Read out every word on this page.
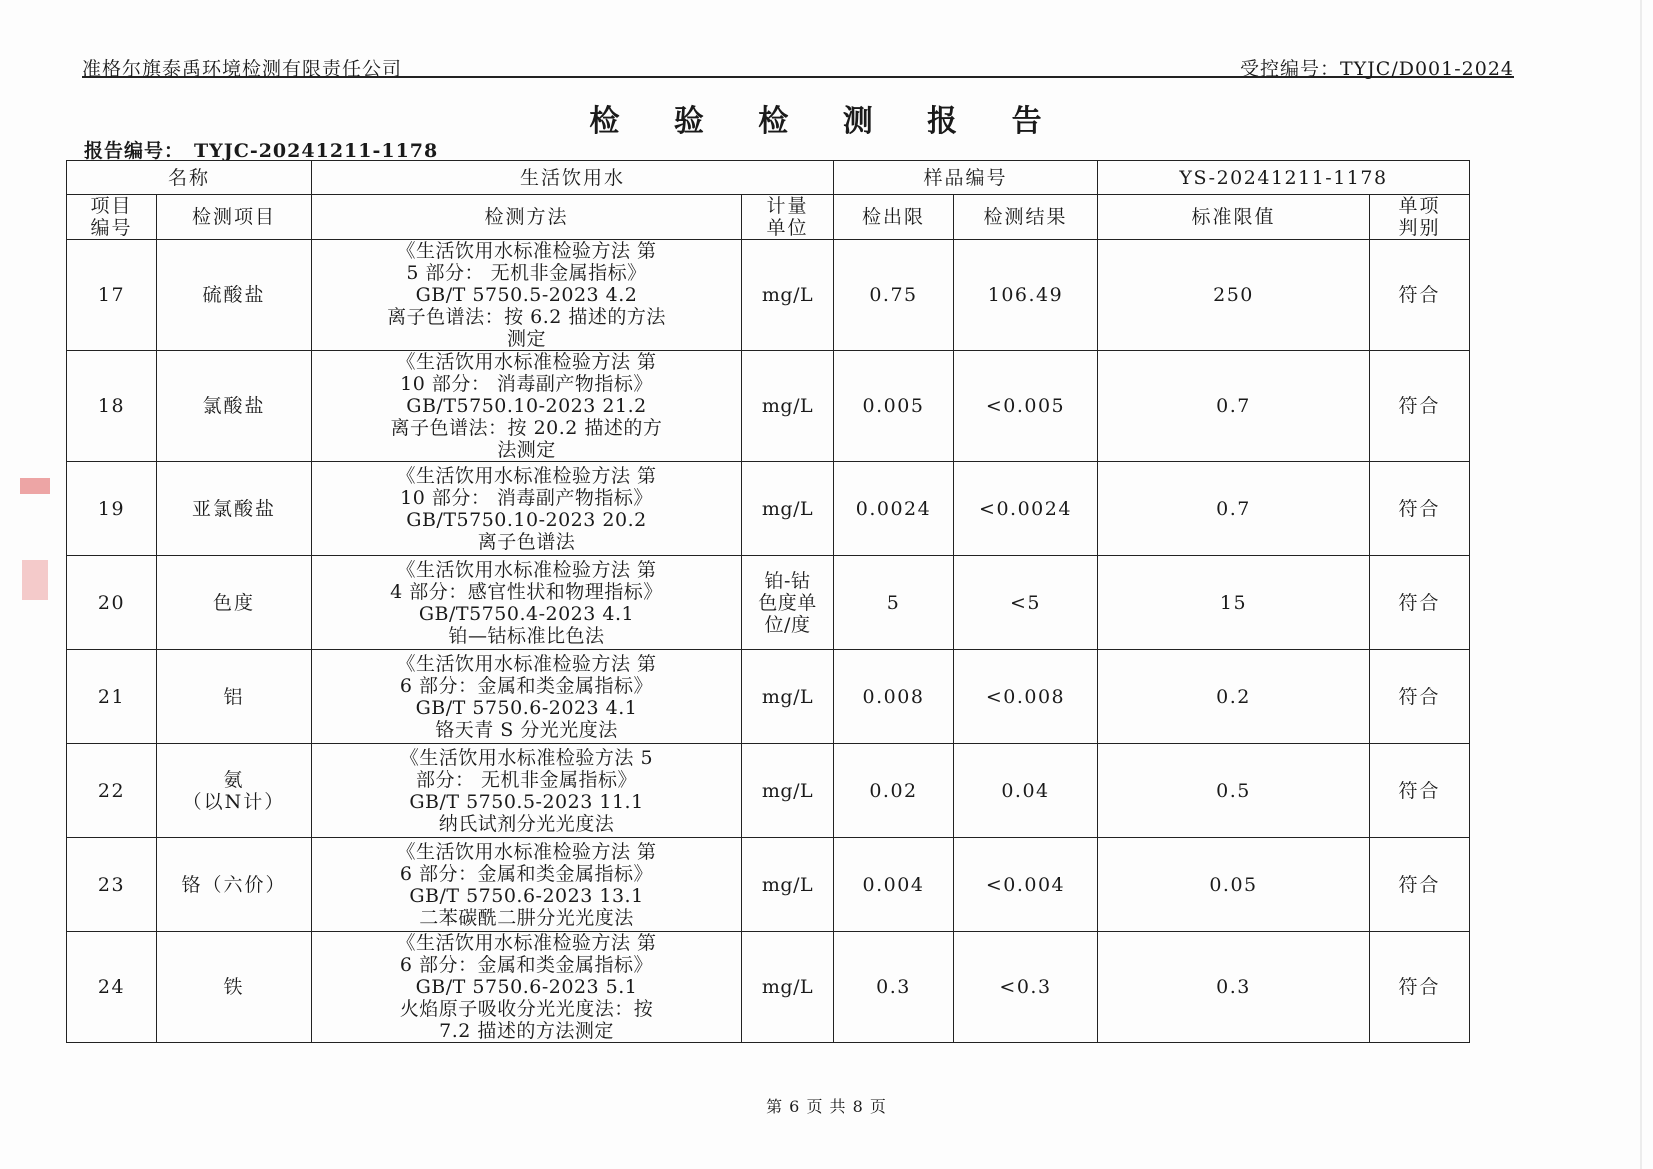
准格尔旗泰禹环境检测有限责任公司	受控编号：TYJC/D001-2024
检 验 检 测 报 告
报告编号： TYJC-20241211-1178
名称		生活饮用水		样品编号		YS-20241211-1178	
项目
编号	检测项目	检测方法	计量
单位	检出限	检测结果	标准限值	单项
判别
17	硫酸盐	《生活饮用水标准检验方法 第
5 部分： 无机非金属指标》
GB/T 5750.5-2023 4.2
离子色谱法：按 6.2 描述的方法
测定	mg/L	0.75	106.49	250	符合
18	氯酸盐	《生活饮用水标准检验方法 第
10 部分： 消毒副产物指标》
GB/T5750.10-2023 21.2
离子色谱法：按 20.2 描述的方
法测定	mg/L	0.005	<0.005	0.7	符合
19	亚氯酸盐	《生活饮用水标准检验方法 第
10 部分： 消毒副产物指标》
GB/T5750.10-2023 20.2
离子色谱法	mg/L	0.0024	<0.0024	0.7	符合
20	色度	《生活饮用水标准检验方法 第
4 部分：感官性状和物理指标》
GB/T5750.4-2023 4.1
铂—钴标准比色法	铂-钴
色度单
位/度	5	<5	15	符合
21	铝	《生活饮用水标准检验方法 第
6 部分：金属和类金属指标》
GB/T 5750.6-2023 4.1
铬天青 S 分光光度法	mg/L	0.008	<0.008	0.2	符合
22	氨
（以N计）	《生活饮用水标准检验方法 5
部分： 无机非金属指标》
GB/T 5750.5-2023 11.1
纳氏试剂分光光度法	mg/L	0.02	0.04	0.5	符合
23	铬（六价）	《生活饮用水标准检验方法 第
6 部分：金属和类金属指标》
GB/T 5750.6-2023 13.1
二苯碳酰二肼分光光度法	mg/L	0.004	<0.004	0.05	符合
24	铁	《生活饮用水标准检验方法 第
6 部分：金属和类金属指标》
GB/T 5750.6-2023 5.1
火焰原子吸收分光光度法：按
7.2 描述的方法测定	mg/L	0.3	<0.3	0.3	符合
第 6 页 共 8 页
